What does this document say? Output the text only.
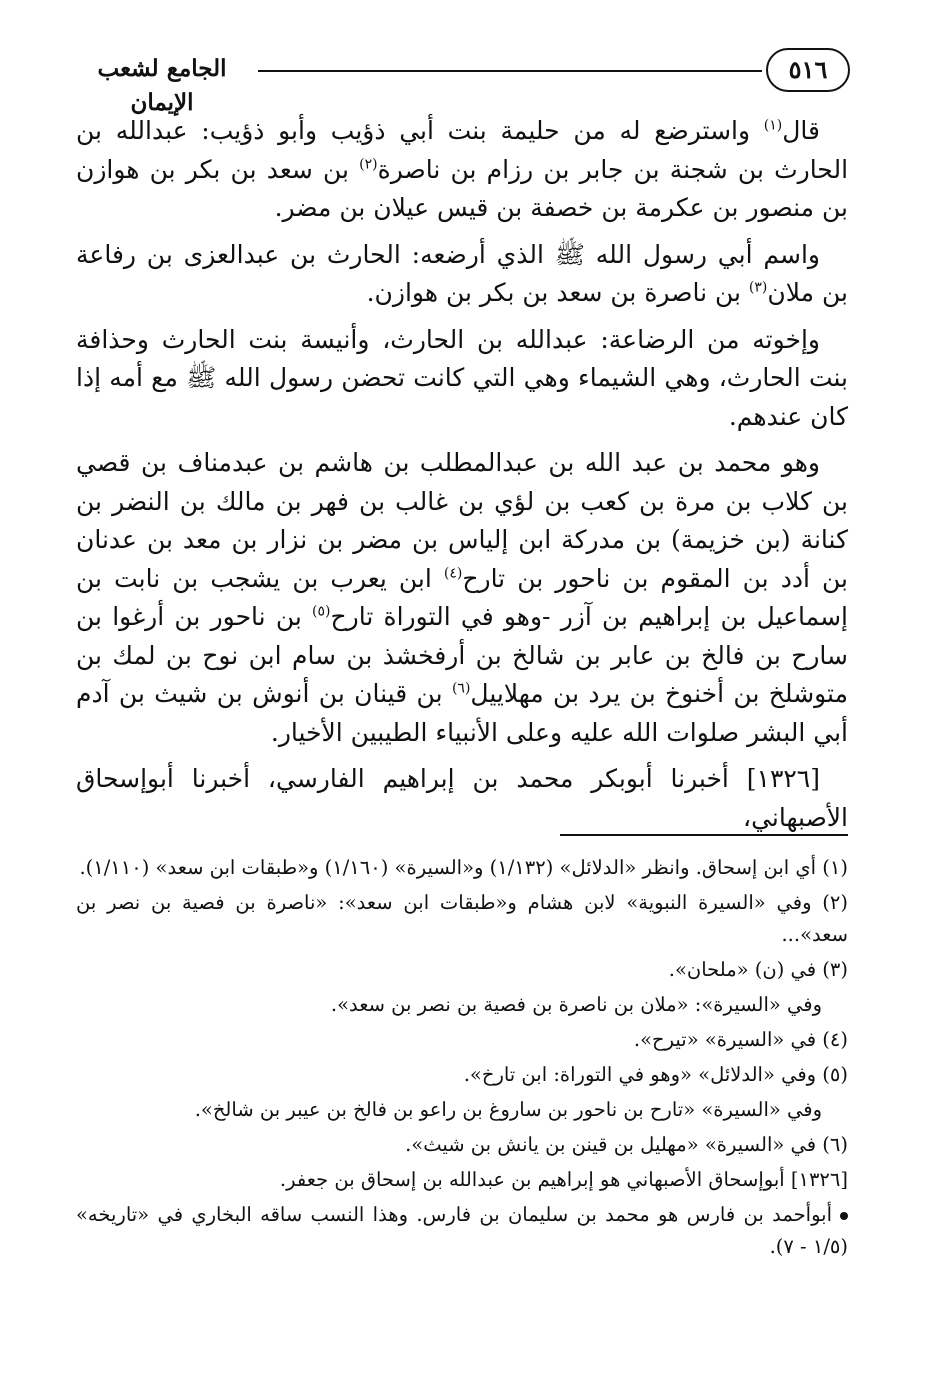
الجامع لشعب الإيمان
٥١٦

قال$^{(١)}$ واسترضع له من حليمة بنت أبي ذؤيب وأبو ذؤيب: عبدالله بن الحارث بن شجنة بن جابر بن رزام بن ناصرة$^{(٢)}$ بن سعد بن بكر بن هوازن بن منصور بن عكرمة بن خصفة بن قيس عيلان بن مضر.

واسم أبي رسول الله ﷺ الذي أرضعه: الحارث بن عبدالعزى بن رفاعة بن ملان$^{(٣)}$ بن ناصرة بن سعد بن بكر بن هوازن.

وإخوته من الرضاعة: عبدالله بن الحارث، وأنيسة بنت الحارث وحذافة بنت الحارث، وهي الشيماء وهي التي كانت تحضن رسول الله ﷺ مع أمه إذا كان عندهم.

وهو محمد بن عبد الله بن عبدالمطلب بن هاشم بن عبدمناف بن قصي بن كلاب بن مرة بن كعب بن لؤي بن غالب بن فهر بن مالك بن النضر بن كنانة (بن خزيمة) بن مدركة ابن إلياس بن مضر بن نزار بن معد بن عدنان بن أدد بن المقوم بن ناحور بن تارح$^{(٤)}$ ابن يعرب بن يشجب بن نابت بن إسماعيل بن إبراهيم بن آزر -وهو في التوراة تارح$^{(٥)}$ بن ناحور بن أرغوا بن سارح بن فالخ بن عابر بن شالخ بن أرفخشذ بن سام ابن نوح بن لمك بن متوشلخ بن أخنوخ بن يرد بن مهلاييل$^{(٦)}$ بن قينان بن أنوش بن شيث بن آدم أبي البشر صلوات الله عليه وعلى الأنبياء الطيبين الأخيار.

[١٣٢٦] أخبرنا أبوبكر محمد بن إبراهيم الفارسي، أخبرنا أبوإسحاق الأصبهاني،

(١) أي ابن إسحاق. وانظر «الدلائل» (١/١٣٢) و«السيرة» (١/١٦٠) و«طبقات ابن سعد» (١/١١٠).

(٢) وفي «السيرة النبوية» لابن هشام و«طبقات ابن سعد»: «ناصرة بن فصية بن نصر بن سعد»...

(٣) في (ن) «ملحان».

وفي «السيرة»: «ملان بن ناصرة بن فصية بن نصر بن سعد».

(٤) في «السيرة» «تيرح».

(٥) وفي «الدلائل» «وهو في التوراة: ابن تارخ».

وفي «السيرة» «تارح بن ناحور بن ساروغ بن راعو بن فالخ بن عيبر بن شالخ».

(٦) في «السيرة» «مهليل بن قينن بن يانش بن شيث».

[١٣٢٦] أبوإسحاق الأصبهاني هو إبراهيم بن عبدالله بن إسحاق بن جعفر.

أبوأحمد بن فارس هو محمد بن سليمان بن فارس. وهذا النسب ساقه البخاري في «تاريخه» (١/٥ - ٧).
